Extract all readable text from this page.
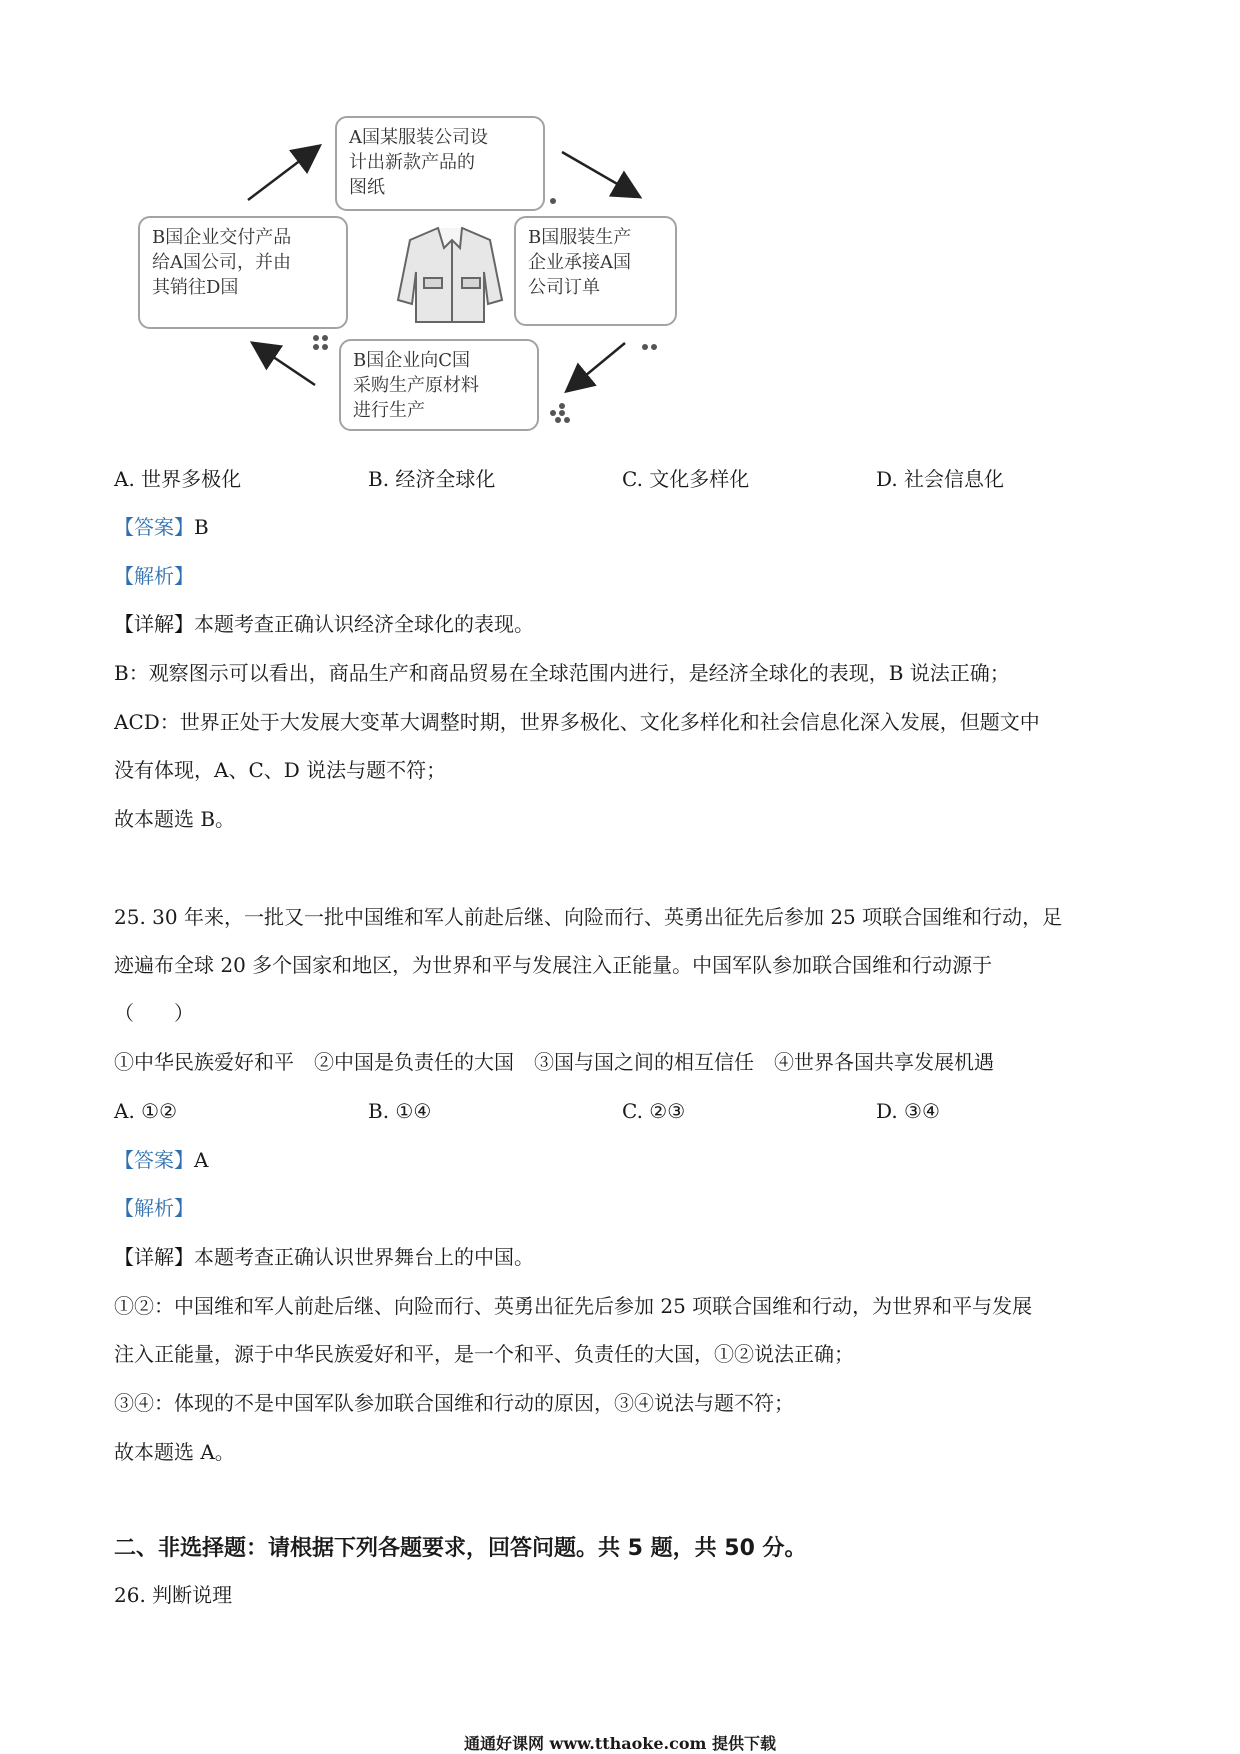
A国某服装公司设
计出新款产品的
图纸
B国服装生产
企业承接A国
公司订单
B国企业向C国
采购生产原材料
进行生产
B国企业交付产品
给A国公司，并由
其销往D国
A. 世界多极化	B. 经济全球化	C. 文化多样化	D. 社会信息化
【答案】B
【解析】
【详解】本题考查正确认识经济全球化的表现。
B：观察图示可以看出，商品生产和商品贸易在全球范围内进行，是经济全球化的表现，B 说法正确；
ACD：世界正处于大发展大变革大调整时期，世界多极化、文化多样化和社会信息化深入发展，但题文中
没有体现，A、C、D 说法与题不符；
故本题选 B。
25. 30 年来，一批又一批中国维和军人前赴后继、向险而行、英勇出征先后参加 25 项联合国维和行动，足
迹遍布全球 20 多个国家和地区，为世界和平与发展注入正能量。中国军队参加联合国维和行动源于
（　　）
①中华民族爱好和平　②中国是负责任的大国　③国与国之间的相互信任　④世界各国共享发展机遇
A. ①②	B. ①④	C. ②③	D. ③④
【答案】A
【解析】
【详解】本题考查正确认识世界舞台上的中国。
①②：中国维和军人前赴后继、向险而行、英勇出征先后参加 25 项联合国维和行动，为世界和平与发展
注入正能量，源于中华民族爱好和平，是一个和平、负责任的大国，①②说法正确；
③④：体现的不是中国军队参加联合国维和行动的原因，③④说法与题不符；
故本题选 A。
二、非选择题：请根据下列各题要求，回答问题。共 5 题，共 50 分。
26. 判断说理
通通好课网 www.tthaoke.com 提供下载
